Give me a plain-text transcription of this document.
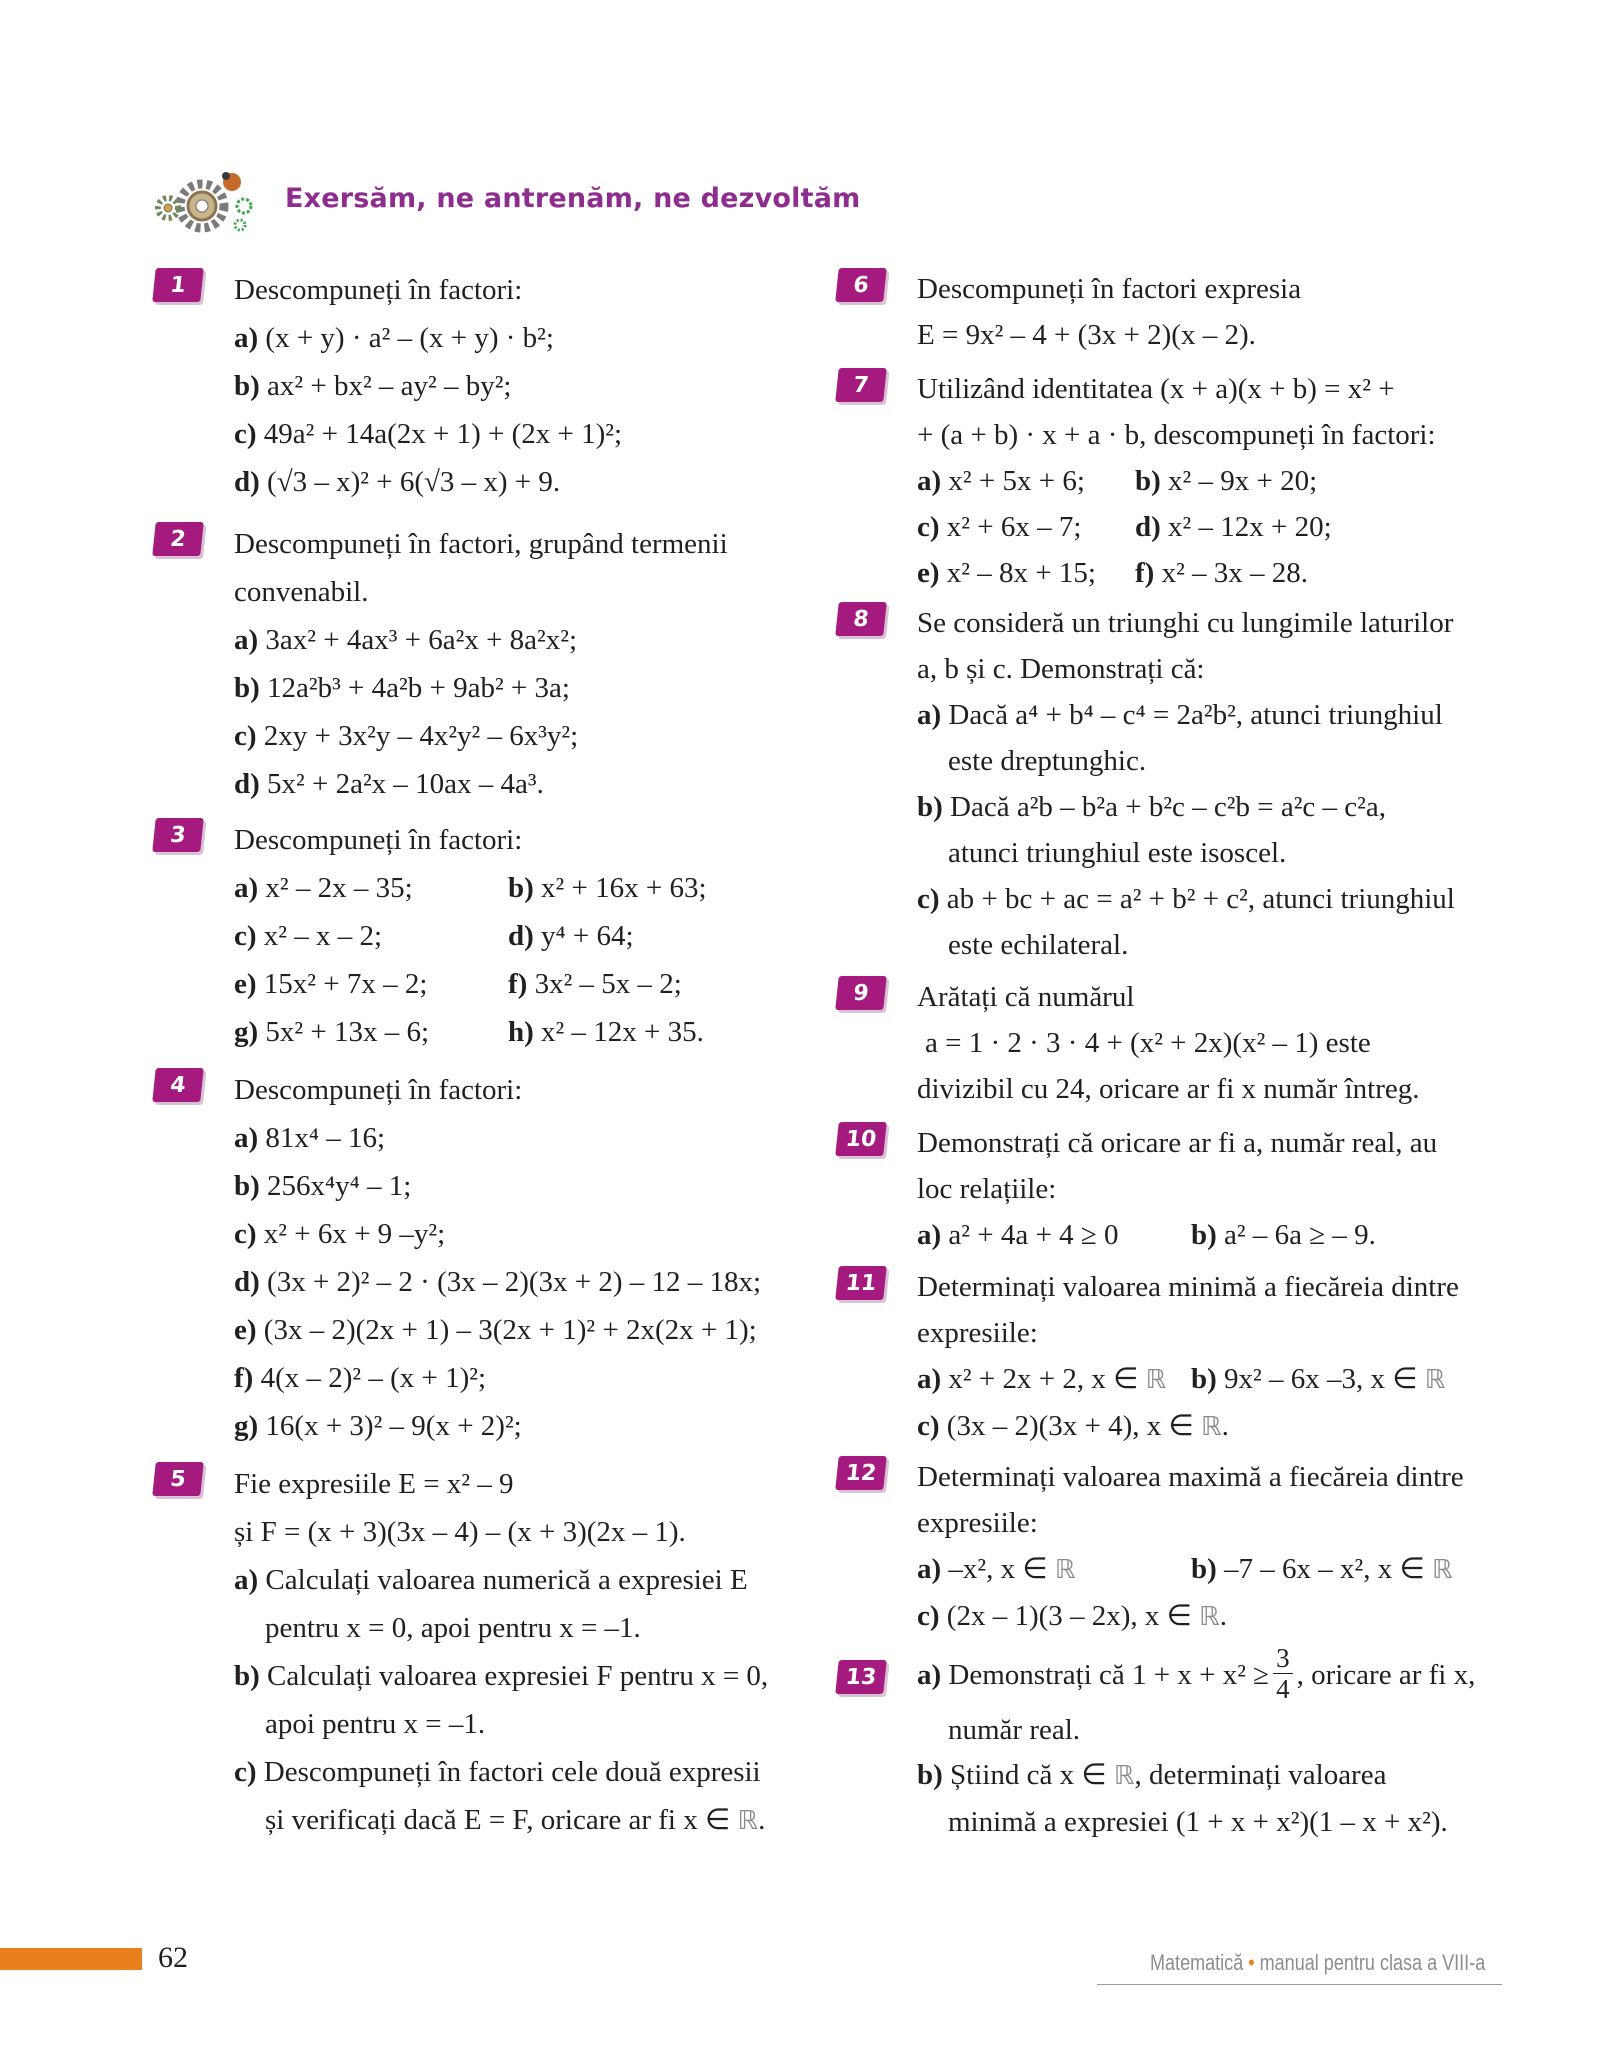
Exersăm, ne antrenăm, ne dezvoltăm
1	Descompuneți în factori:
a) (x + y) · a² – (x + y) · b²;
b) ax² + bx² – ay² – by²;
c) 49a² + 14a(2x + 1) + (2x + 1)²;
d) (√3 – x)² + 6(√3 – x) + 9.
2	Descompuneți în factori, grupând termenii
convenabil.
a) 3ax² + 4ax³ + 6a²x + 8a²x²;
b) 12a²b³ + 4a²b + 9ab² + 3a;
c) 2xy + 3x²y – 4x²y² – 6x³y²;
d) 5x² + 2a²x – 10ax – 4a³.
3	Descompuneți în factori:
a) x² – 2x – 35;	b) x² + 16x + 63;
c) x² – x – 2;	d) y⁴ + 64;
e) 15x² + 7x – 2;	f) 3x² – 5x – 2;
g) 5x² + 13x – 6;	h) x² – 12x + 35.
4	Descompuneți în factori:
a) 81x⁴ – 16;
b) 256x⁴y⁴ – 1;
c) x² + 6x + 9 –y²;
d) (3x + 2)² – 2 · (3x – 2)(3x + 2) – 12 – 18x;
e) (3x – 2)(2x + 1) – 3(2x + 1)² + 2x(2x + 1);
f) 4(x – 2)² – (x + 1)²;
g) 16(x + 3)² – 9(x + 2)²;
5	Fie expresiile E = x² – 9
și F = (x + 3)(3x – 4) – (x + 3)(2x – 1).
a) Calculați valoarea numerică a expresiei E
pentru x = 0, apoi pentru x = –1.
b) Calculați valoarea expresiei F pentru x = 0,
apoi pentru x = –1.
c) Descompuneți în factori cele două expresii
și verificați dacă E = F, oricare ar fi x ∈ ℝ.
6	Descompuneți în factori expresia
E = 9x² – 4 + (3x + 2)(x – 2).
7	Utilizând identitatea (x + a)(x + b) = x² +
+ (a + b) · x + a · b, descompuneți în factori:
a) x² + 5x + 6;	b) x² – 9x + 20;
c) x² + 6x – 7;	d) x² – 12x + 20;
e) x² – 8x + 15;	f) x² – 3x – 28.
8	Se consideră un triunghi cu lungimile laturilor
a, b și c. Demonstrați că:
a) Dacă a⁴ + b⁴ – c⁴ = 2a²b², atunci triunghiul
este dreptunghic.
b) Dacă a²b – b²a + b²c – c²b = a²c – c²a,
atunci triunghiul este isoscel.
c) ab + bc + ac = a² + b² + c², atunci triunghiul
este echilateral.
9	Arătați că numărul
a = 1 · 2 · 3 · 4 + (x² + 2x)(x² – 1) este
divizibil cu 24, oricare ar fi x număr întreg.
10	Demonstrați că oricare ar fi a, număr real, au
loc relațiile:
a) a² + 4a + 4 ≥ 0	b) a² – 6a ≥ – 9.
11	Determinați valoarea minimă a fiecăreia dintre
expresiile:
a) x² + 2x + 2, x ∈ ℝ b) 9x² – 6x –3, x ∈ ℝ
c) (3x – 2)(3x + 4), x ∈ ℝ.
12	Determinați valoarea maximă a fiecăreia dintre
expresiile:
a) –x², x ∈ ℝ	b) –7 – 6x – x², x ∈ ℝ
c) (2x – 1)(3 – 2x), x ∈ ℝ.
13	a) Demonstrați că $1 + x + x^2 \ge \frac{3}{4}$ , oricare ar fi x,
număr real.
b) Știind că x ∈ ℝ, determinați valoarea
minimă a expresiei (1 + x + x²)(1 – x + x²).
62	Matematică • manual pentru clasa a VIII-a
